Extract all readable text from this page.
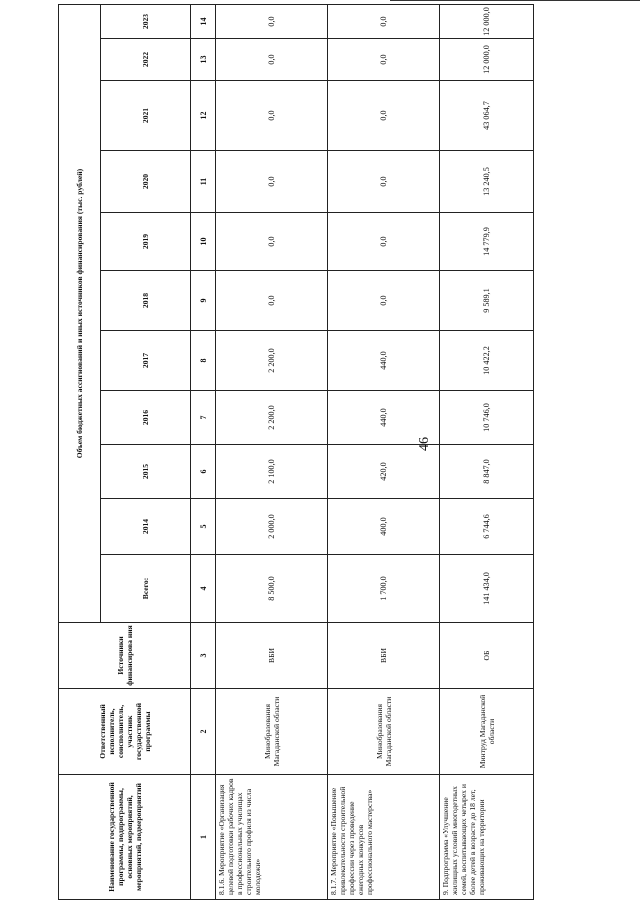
46
Наименование государственной программы, подпрограммы, основных мероприятий, мероприятий, подмероприятий	Ответственный исполнитель, соисполнитель, участник государственной программы	Источники финансирова ния	Объем бюджетных ассигнований и иных источников финансирования (тыс. рублей)										
			Всего:	2014	2015	2016	2017	2018	2019	2020	2021	2022	2023
1	2	3	4	5	6	7	8	9	10	11	12	13	14
8.1.6. Мероприятие «Организация целевой подготовки рабочих кадров в профессиональных училищах строительного профиля из числа молодежи»	Минобразования Магаданской области	ВБИ	8 500,0	2 000,0	2 100,0	2 200,0	2 200,0	0,0	0,0	0,0	0,0	0,0	0,0
8.1.7. Мероприятие «Повышение привлекательности строительной профессии через проведение ежегодных конкурсов профессионального мастерства»	Минобразования Магаданской области	ВБИ	1 700,0	400,0	420,0	440,0	440,0	0,0	0,0	0,0	0,0	0,0	0,0
9. Подпрограмма «Улучшение жилищных условий многодетных семей, воспитывающих четырех и более детей в возрасте до 18 лет, проживающих на территории	Минтруд Магаданской области	ОБ	141 434,0	6 744,6	8 847,0	10 746,0	10 422,2	9 589,1	14 779,9	13 240,5	43 064,7	12 000,0	12 000,0
